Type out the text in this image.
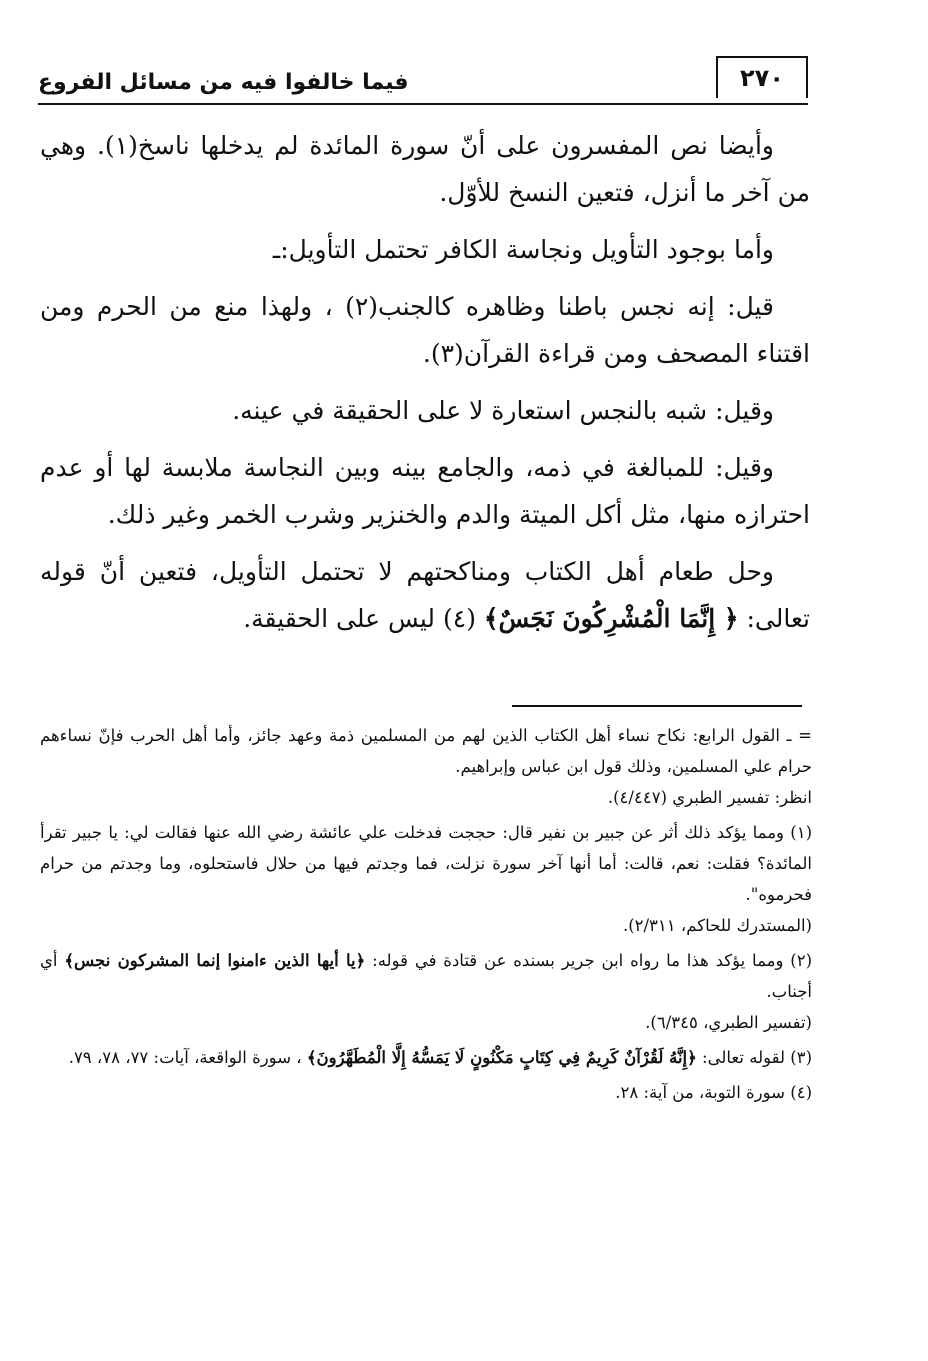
٢٧٠
فيما خالفوا فيه من مسائل الفروع

وأيضا نص المفسرون على أنّ سورة المائدة لم يدخلها ناسخ(١). وهي من آخر ما أنزل، فتعين النسخ للأوّل.

وأما بوجود التأويل ونجاسة الكافر تحتمل التأويل:ـ

قيل: إنه نجس باطنا وظاهره كالجنب(٢) ، ولهذا منع من الحرم ومن اقتناء المصحف ومن قراءة القرآن(٣).

وقيل: شبه بالنجس استعارة لا على الحقيقة في عينه.

وقيل: للمبالغة في ذمه، والجامع بينه وبين النجاسة ملابسة لها أو عدم احترازه منها، مثل أكل الميتة والدم والخنزير وشرب الخمر وغير ذلك.

وحل طعام أهل الكتاب ومناكحتهم لا تحتمل التأويل، فتعين أنّ قوله تعالى: ﴿ إِنَّمَا الْمُشْرِكُونَ نَجَسٌ﴾ (٤) ليس على الحقيقة.

= ـ القول الرابع: نكاح نساء أهل الكتاب الذين لهم من المسلمين ذمة وعهد جائز، وأما أهل الحرب فإنّ نساءهم حرام علي المسلمين، وذلك قول ابن عباس وإبراهيم.
انظر: تفسير الطبري (٤/٤٤٧).
(١) ومما يؤكد ذلك أثر عن جبير بن نفير قال: حججت فدخلت علي عائشة رضي الله عنها فقالت لي: يا جبير تقرأ المائدة؟ فقلت: نعم، قالت: أما أنها آخر سورة نزلت، فما وجدتم فيها من حلال فاستحلوه، وما وجدتم من حرام فحرموه".
(المستدرك للحاكم، ٢/٣١١).
(٢) ومما يؤكد هذا ما رواه ابن جرير بسنده عن قتادة في قوله: ﴿يا أيها الذين ءامنوا إنما المشركون نجس﴾ أي أجناب.
(تفسير الطبري، ٦/٣٤٥).
(٣) لقوله تعالى: ﴿إِنَّهُ لَقُرْآنٌ كَرِيمٌ فِي كِتَابٍ مَكْنُونٍ لَا يَمَسُّهُ إِلَّا الْمُطَهَّرُونَ﴾ ، سورة الواقعة، آيات: ٧٧، ٧٨، ٧٩.
(٤) سورة التوبة، من آية: ٢٨.
